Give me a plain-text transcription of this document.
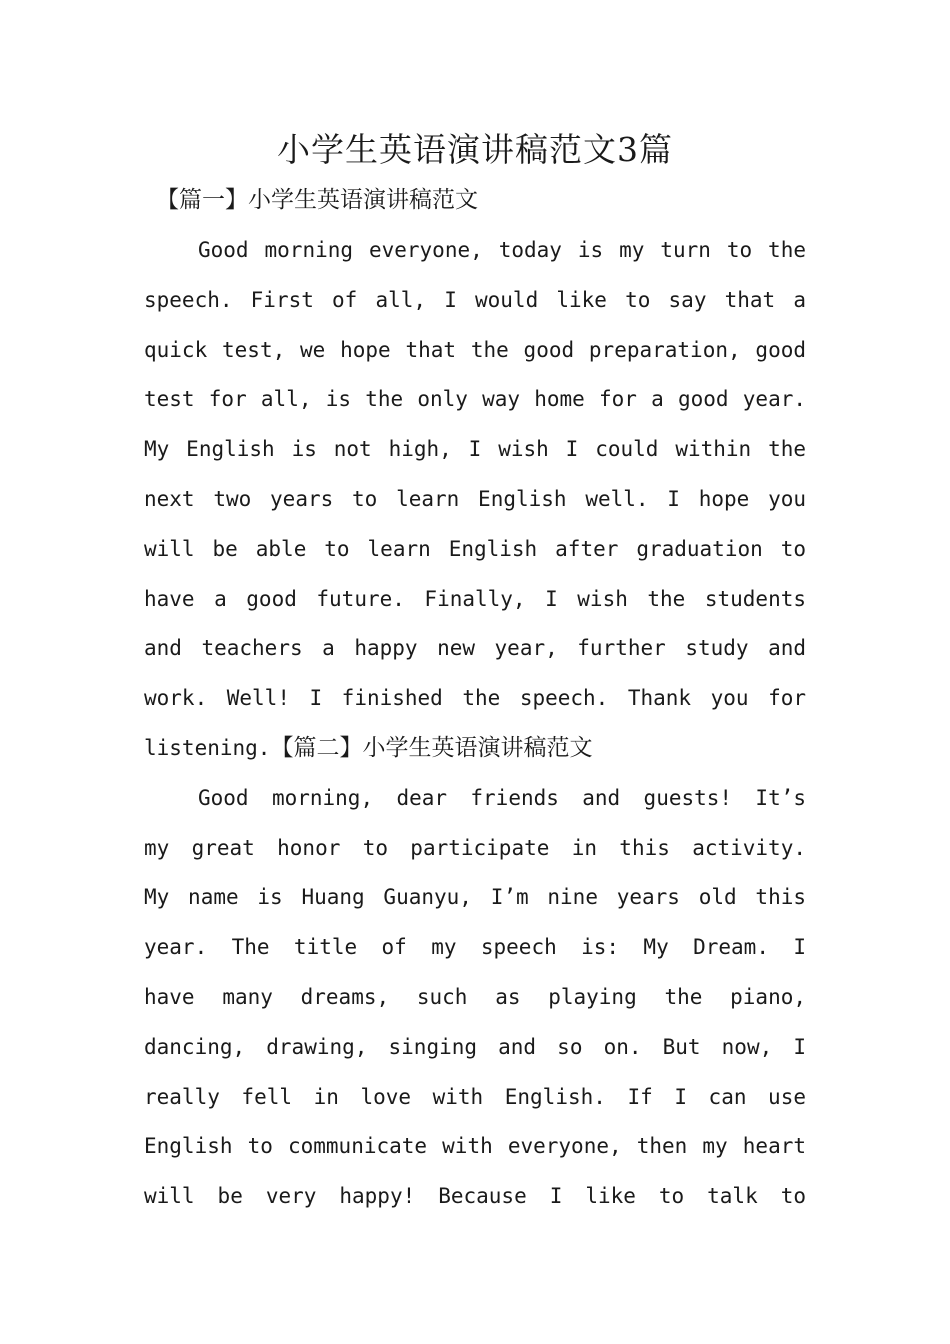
小学生英语演讲稿范文3篇
【篇一】小学生英语演讲稿范文
Good morning everyone, today is my turn to the
speech. First of all, I would like to say that a
quick test, we hope that the good preparation, good
test for all, is the only way home for a good year.
My English is not high, I wish I could within the
next two years to learn English well. I hope you
will be able to learn English after graduation to
have a good future. Finally, I wish the students
and teachers a happy new year, further study and
work. Well! I finished the speech. Thank you for
listening.【篇二】小学生英语演讲稿范文
Good morning, dear friends and guests! It’s
my great honor to participate in this activity.
My name is Huang Guanyu, I’m nine years old this
year. The title of my speech is: My Dream. I
have many dreams, such as playing the piano,
dancing, drawing, singing and so on. But now, I
really fell in love with English. If I can use
English to communicate with everyone, then my heart
will be very happy! Because I like to talk to
